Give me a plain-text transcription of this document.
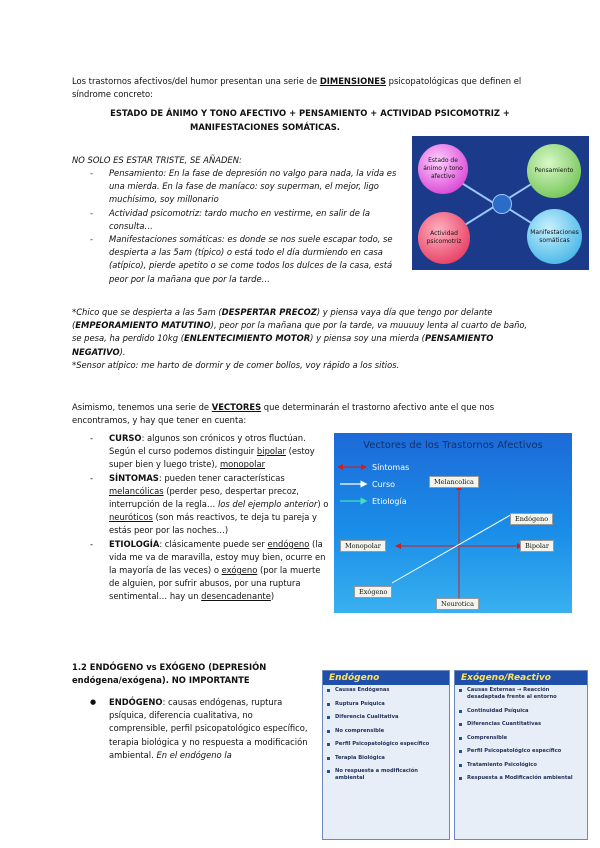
Los trastornos afectivos/del humor presentan una serie de DIMENSIONES psicopatológicas que definen el síndrome concreto:

ESTADO DE ÁNIMO Y TONO AFECTIVO + PENSAMIENTO + ACTIVIDAD PSICOMOTRIZ +
MANIFESTACIONES SOMÁTICAS.

NO SOLO ES ESTAR TRISTE, SE AÑADEN:

- Pensamiento: En la fase de depresión no valgo para nada, la vida es una mierda. En la fase de maníaco: soy superman, el mejor, ligo muchísimo, soy millonario
- Actividad psicomotriz: tardo mucho en vestirme, en salir de la consulta…
- Manifestaciones somáticas: es donde se nos suele escapar todo, se despierta a las 5am (típico) o está todo el día durmiendo en casa (atípico), pierde apetito o se come todos los dulces de la casa, está peor por la mañana que por la tarde…
Estado de ánimo y tono afectivo
Pensamiento
Actividad psicomotriz
Manifestaciones somáticas

*Chico que se despierta a las 5am (DESPERTAR PRECOZ) y piensa vaya día que tengo por delante (EMPEORAMIENTO MATUTINO), peor por la mañana que por la tarde, va muuuuy lenta al cuarto de baño, se pesa, ha perdido 10kg (ENLENTECIMIENTO MOTOR) y piensa soy una mierda (PENSAMIENTO NEGATIVO).

*Sensor atípico: me harto de dormir y de comer bollos, voy rápido a los sitios.

Asimismo, tenemos una serie de VECTORES que determinarán el trastorno afectivo ante el que nos encontramos, y hay que tener en cuenta:

- CURSO: algunos son crónicos y otros fluctúan. Según el curso podemos distinguir bipolar (estoy super bien y luego triste), monopolar
- SÍNTOMAS: pueden tener características melancólicas (perder peso, despertar precoz, interrupción de la regla… los del ejemplo anterior) o neuróticos (son más reactivos, te deja tu pareja y estás peor por las noches…)
- ETIOLOGÍA: clásicamente puede ser endógeno (la vida me va de maravilla, estoy muy bien, ocurre en la mayoría de las veces) o exógeno (por la muerte de alguien, por sufrir abusos, por una ruptura sentimental… hay un desencadenante)
Vectores de los Trastornos Afectivos
Síntomas
Curso
Etiología
Melancolica
Endógeno
Monopolar	Bipolar
Exógeno
Neurotica

1.2 ENDÓGENO vs EXÓGENO (DEPRESIÓN endógena/exógena). NO IMPORTANTE

● ENDÓGENO: causas endógenas, ruptura psíquica, diferencia cualitativa, no comprensible, perfil psicopatológico específico, terapia biológica y no respuesta a modificación ambiental. En el endógeno la
Endógeno
Causas Endógenas
Ruptura Psíquica
Diferencia Cualitativa
No comprensible
Perfil Psicopatológico específico
Terapia Biológica
No respuesta a modificación ambiental
Exógeno/Reactivo
Causas Externas → Reacción desadaptada frente al entorno
Continuidad Psíquica
Diferencias Cuantitativas
Comprensible
Perfil Psicopatológico específico
Tratamiento Psicológico
Respuesta a Modificación ambiental
